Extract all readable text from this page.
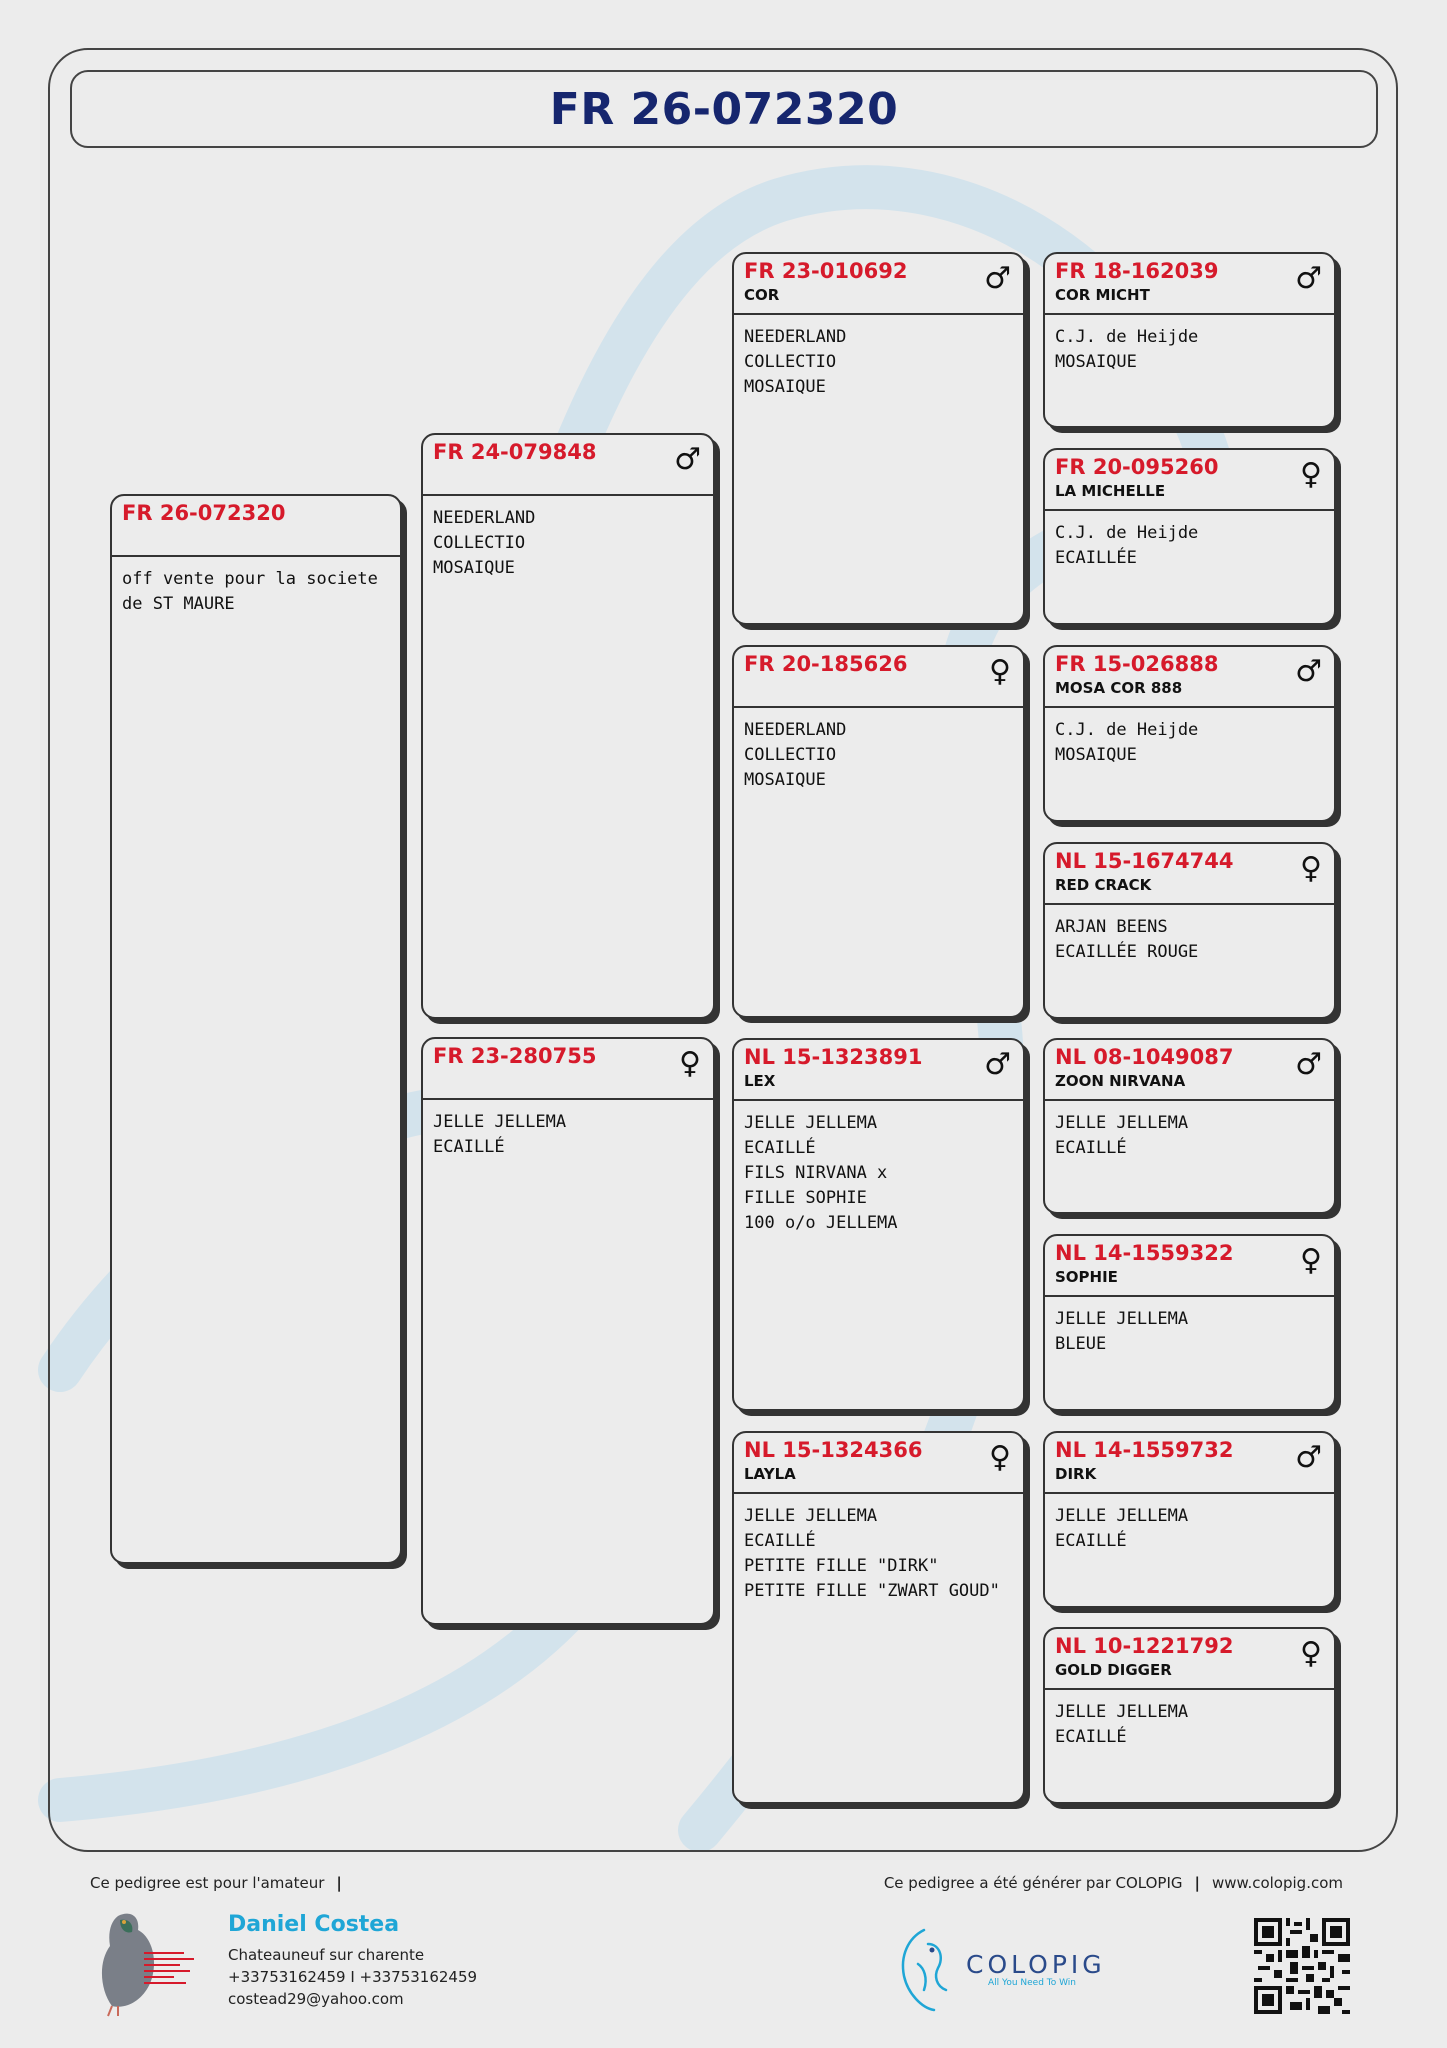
FR 26-072320
FR 26-072320
off vente pour la societe
de ST MAURE
FR 24-079848	♂
NEEDERLAND
COLLECTIO
MOSAIQUE
FR 23-280755	♀
JELLE JELLEMA
ECAILLÉ
FR 23-010692
COR	♂
NEEDERLAND
COLLECTIO
MOSAIQUE
FR 20-185626	♀
NEEDERLAND
COLLECTIO
MOSAIQUE
NL 15-1323891
LEX	♂
JELLE JELLEMA
ECAILLÉ
FILS NIRVANA x
FILLE SOPHIE
100 o/o JELLEMA
NL 15-1324366
LAYLA	♀
JELLE JELLEMA
ECAILLÉ
PETITE FILLE "DIRK"
PETITE FILLE "ZWART GOUD"
FR 18-162039
COR MICHT	♂
C.J. de Heijde
MOSAIQUE
FR 20-095260
LA MICHELLE	♀
C.J. de Heijde
ECAILLÉE
FR 15-026888
MOSA COR 888	♂
C.J. de Heijde
MOSAIQUE
NL 15-1674744
RED CRACK	♀
ARJAN BEENS
ECAILLÉE ROUGE
NL 08-1049087
ZOON NIRVANA	♂
JELLE JELLEMA
ECAILLÉ
NL 14-1559322
SOPHIE	♀
JELLE JELLEMA
BLEUE
NL 14-1559732
DIRK	♂
JELLE JELLEMA
ECAILLÉ
NL 10-1221792
GOLD DIGGER	♀
JELLE JELLEMA
ECAILLÉ
Ce pedigree est pour l'amateur |	Ce pedigree a été générer par COLOPIG | www.colopig.com
Daniel Costea
Chateauneuf sur charente
+33753162459 I +33753162459
costead29@yahoo.com
COLOPIG
All You Need To Win
